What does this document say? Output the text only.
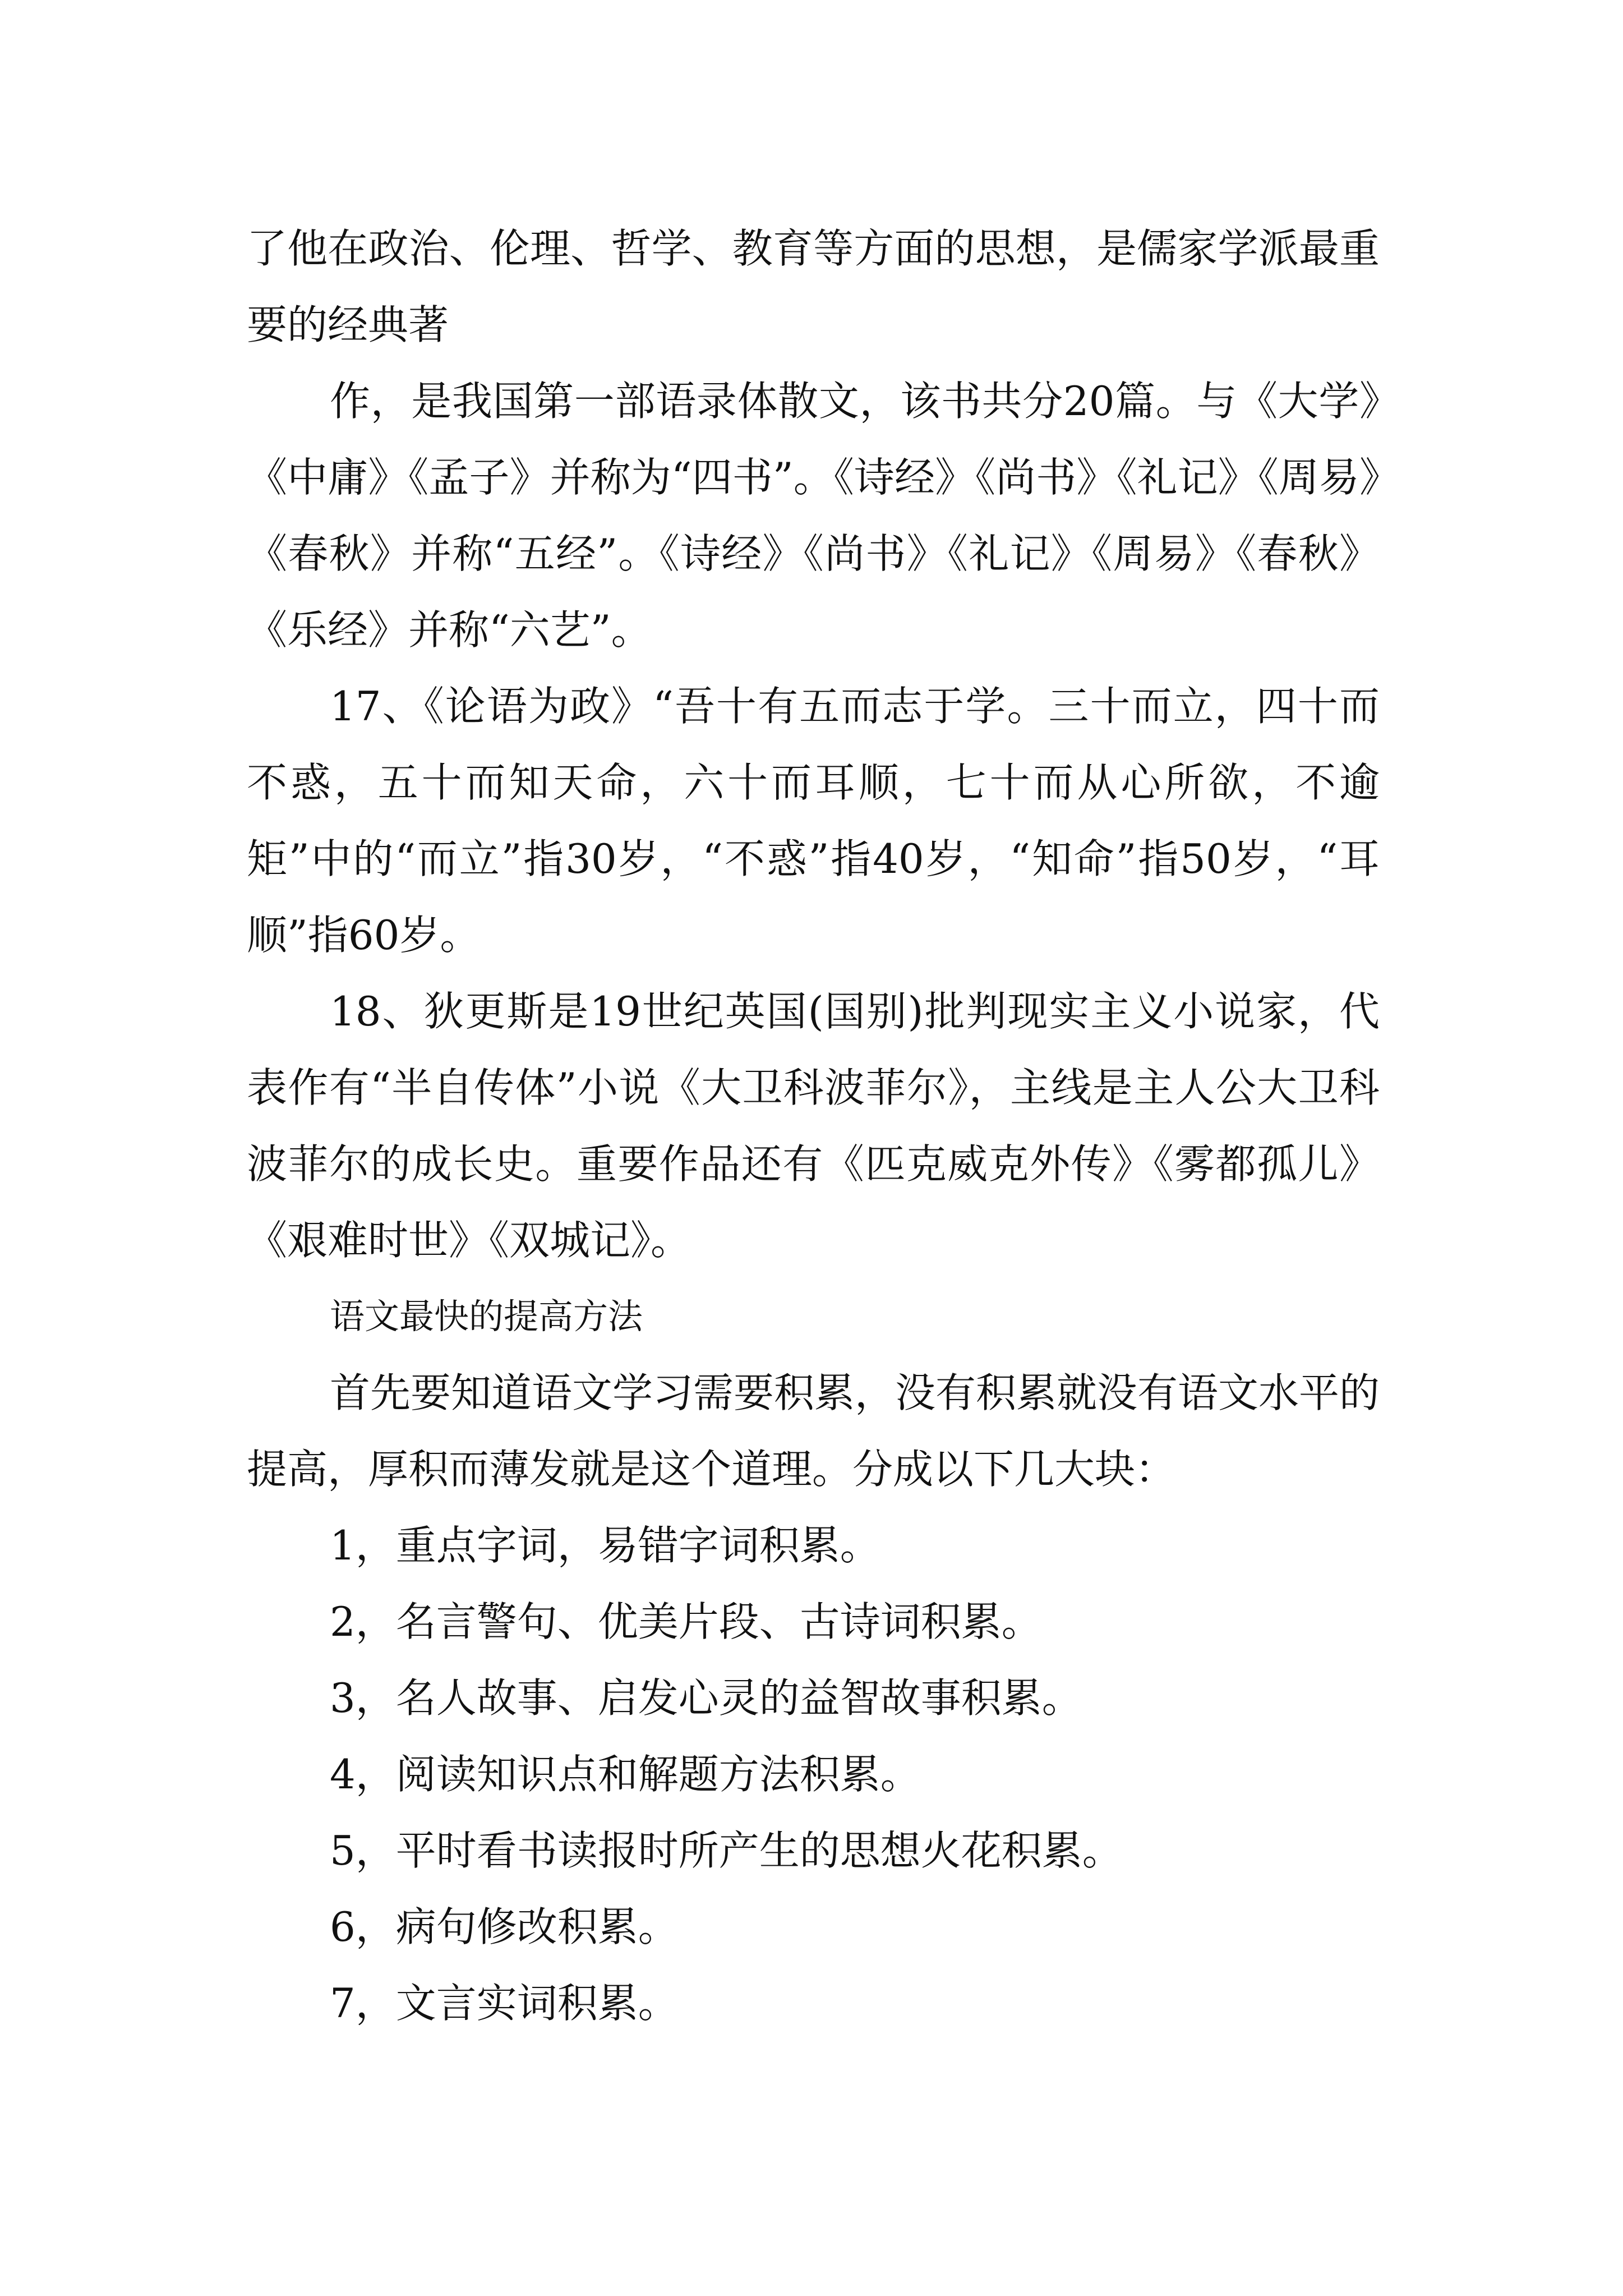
了他在政治、伦理、哲学、教育等方面的思想，是儒家学派最重要的经典著

作，是我国第一部语录体散文，该书共分20篇。与《大学》《中庸》《孟子》并称为“四书”。《诗经》《尚书》《礼记》《周易》《春秋》并称“五经”。《诗经》《尚书》《礼记》《周易》《春秋》《乐经》并称“六艺”。

17、《论语为政》“吾十有五而志于学。三十而立，四十而不惑，五十而知天命，六十而耳顺，七十而从心所欲，不逾矩”中的“而立”指30岁，“不惑”指40岁，“知命”指50岁，“耳顺”指60岁。

18、狄更斯是19世纪英国(国别)批判现实主义小说家，代表作有“半自传体”小说《大卫科波菲尔》，主线是主人公大卫科波菲尔的成长史。重要作品还有《匹克威克外传》《雾都孤儿》《艰难时世》《双城记》。

语文最快的提高方法

首先要知道语文学习需要积累，没有积累就没有语文水平的提高，厚积而薄发就是这个道理。分成以下几大块：

1，重点字词，易错字词积累。

2，名言警句、优美片段、古诗词积累。

3，名人故事、启发心灵的益智故事积累。

4，阅读知识点和解题方法积累。

5，平时看书读报时所产生的思想火花积累。

6，病句修改积累。

7，文言实词积累。
